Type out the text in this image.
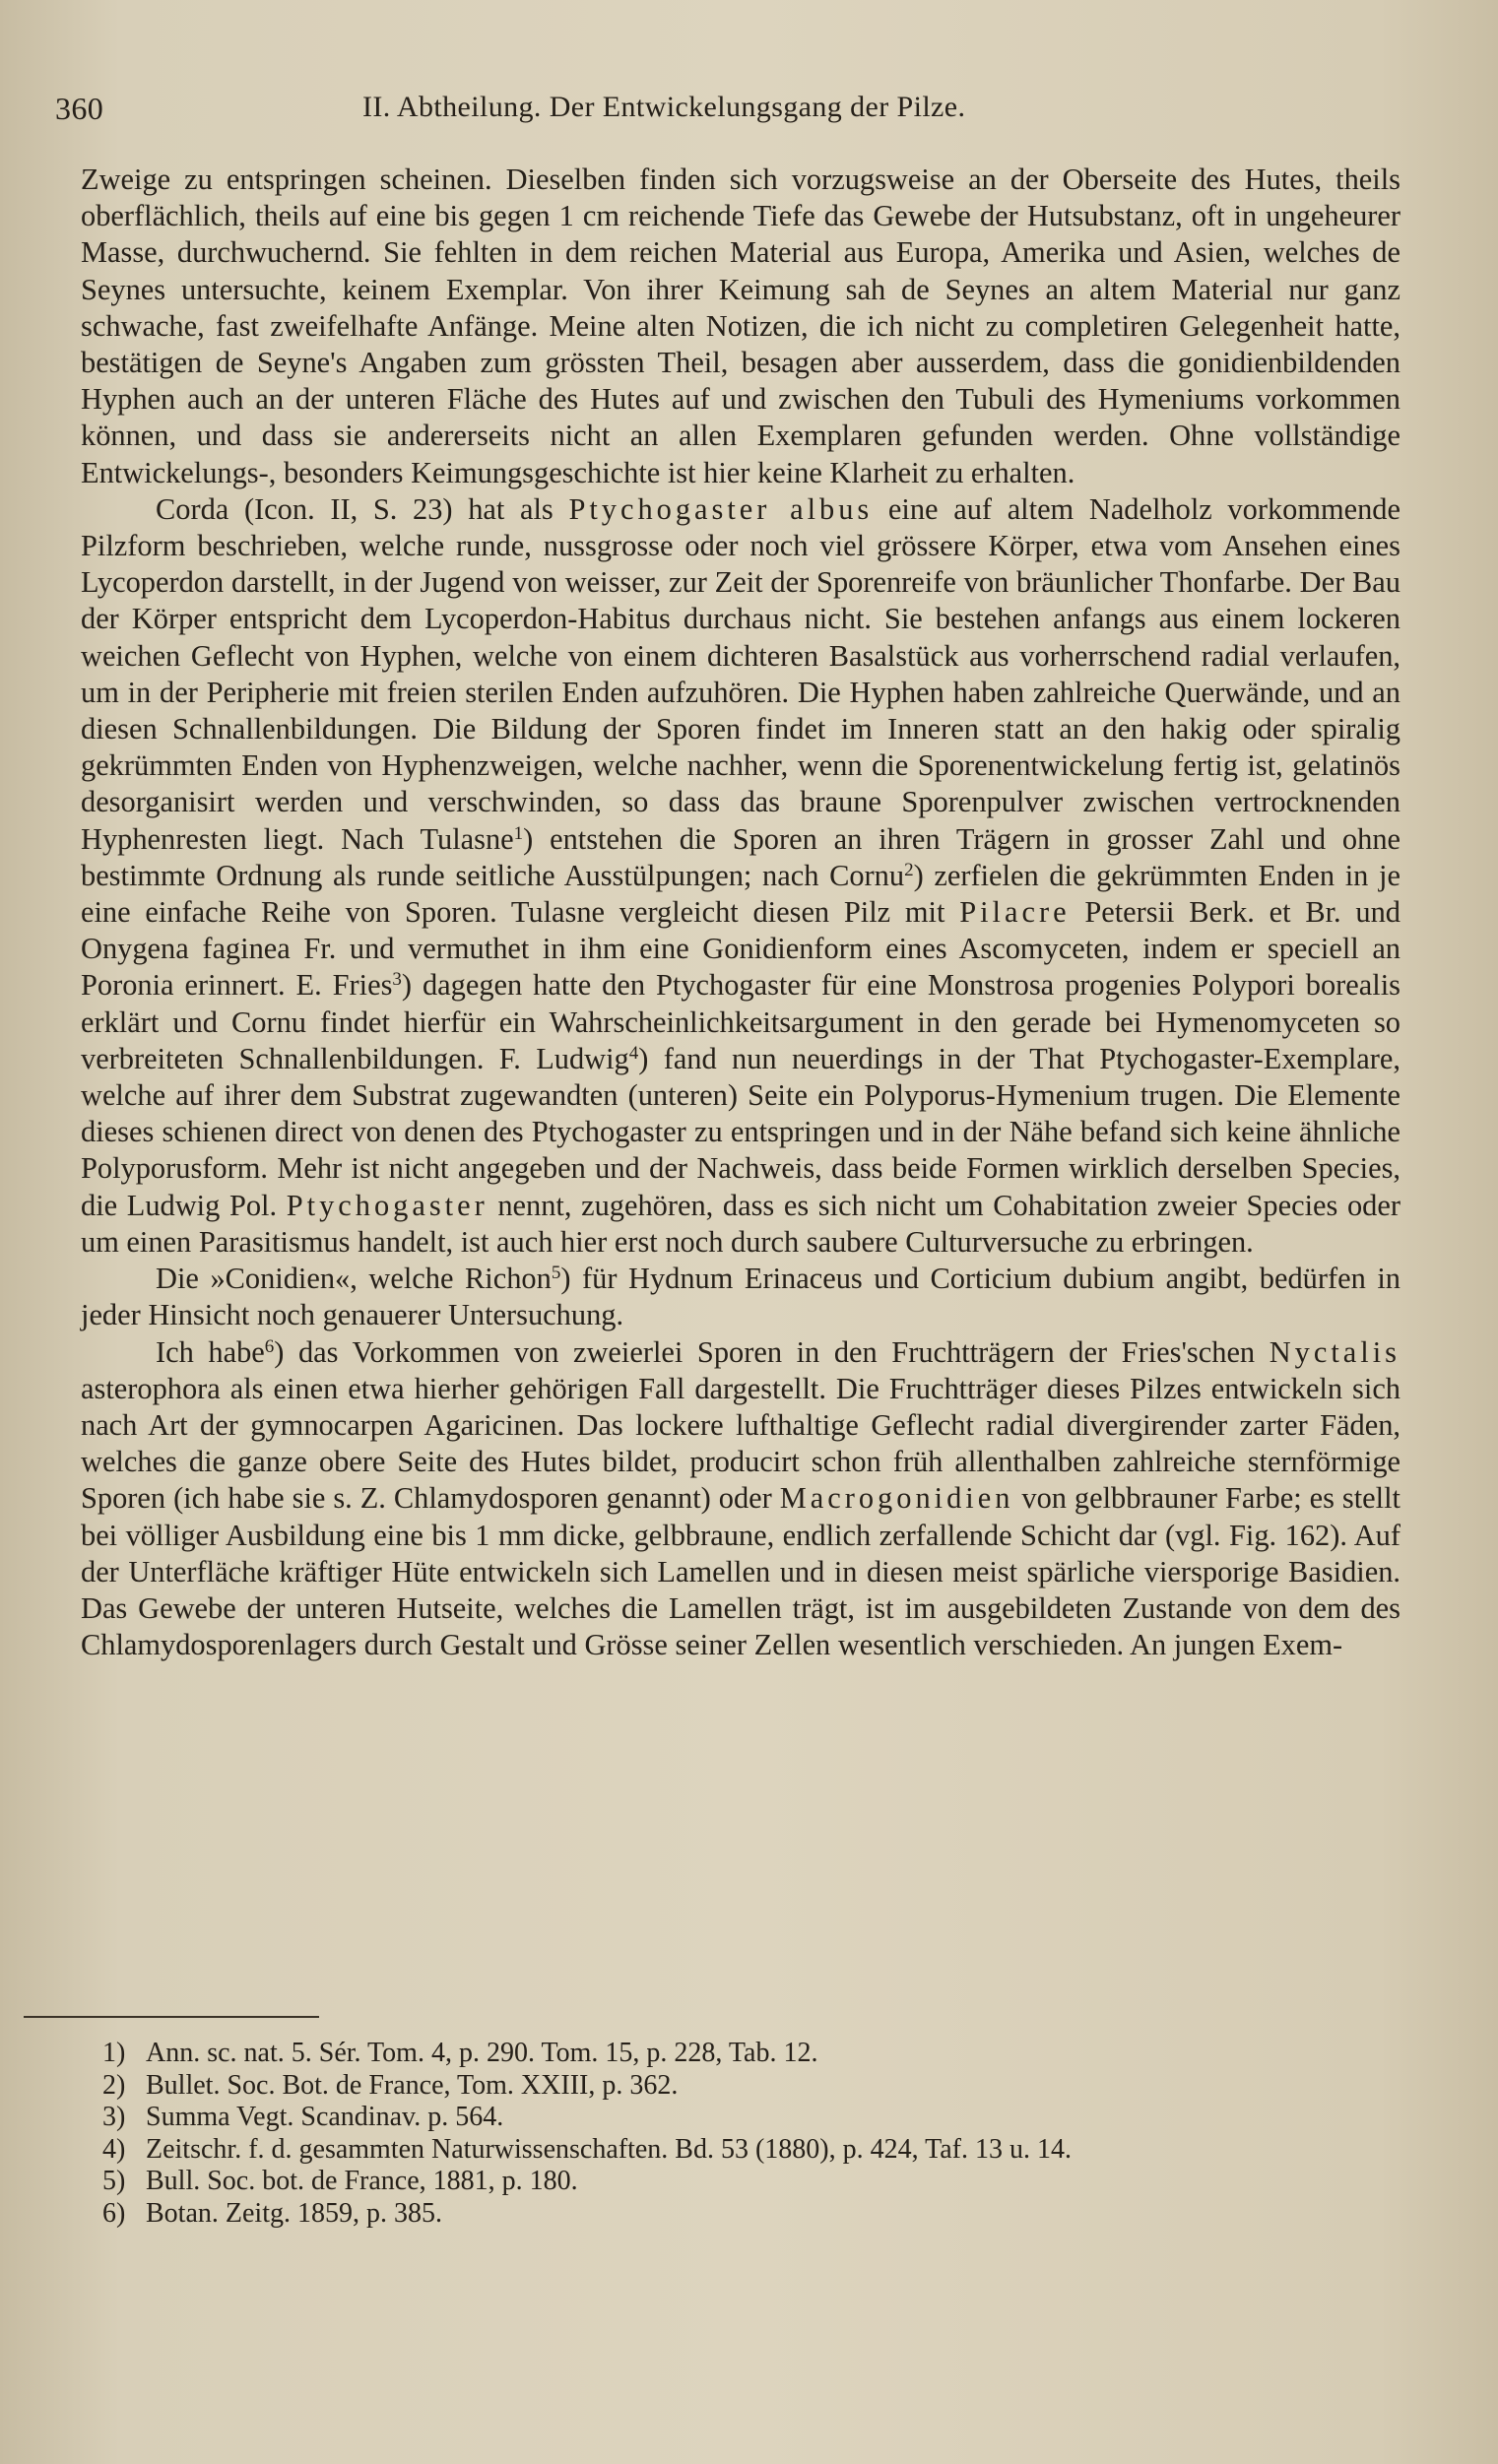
360	II. Abtheilung. Der Entwickelungsgang der Pilze.

Zweige zu entspringen scheinen. Dieselben finden sich vorzugsweise an der Oberseite des Hutes, theils oberflächlich, theils auf eine bis gegen 1 cm reichende Tiefe das Gewebe der Hutsubstanz, oft in ungeheurer Masse, durchwuchernd. Sie fehlten in dem reichen Material aus Europa, Amerika und Asien, welches de Seynes untersuchte, keinem Exemplar. Von ihrer Keimung sah de Seynes an altem Material nur ganz schwache, fast zweifelhafte Anfänge. Meine alten Notizen, die ich nicht zu completiren Gelegenheit hatte, bestätigen de Seyne's Angaben zum grössten Theil, besagen aber ausserdem, dass die gonidienbildenden Hyphen auch an der unteren Fläche des Hutes auf und zwischen den Tubuli des Hymeniums vorkommen können, und dass sie andererseits nicht an allen Exemplaren gefunden werden. Ohne vollständige Entwickelungs-, besonders Keimungsgeschichte ist hier keine Klarheit zu erhalten.

Corda (Icon. II, S. 23) hat als Ptychogaster albus eine auf altem Nadelholz vorkommende Pilzform beschrieben, welche runde, nussgrosse oder noch viel grössere Körper, etwa vom Ansehen eines Lycoperdon darstellt, in der Jugend von weisser, zur Zeit der Sporenreife von bräunlicher Thonfarbe. Der Bau der Körper entspricht dem Lycoperdon-Habitus durchaus nicht. Sie bestehen anfangs aus einem lockeren weichen Geflecht von Hyphen, welche von einem dichteren Basalstück aus vorherrschend radial verlaufen, um in der Peripherie mit freien sterilen Enden aufzuhören. Die Hyphen haben zahlreiche Querwände, und an diesen Schnallenbildungen. Die Bildung der Sporen findet im Inneren statt an den hakig oder spiralig gekrümmten Enden von Hyphenzweigen, welche nachher, wenn die Sporenentwickelung fertig ist, gelatinös desorganisirt werden und verschwinden, so dass das braune Sporenpulver zwischen vertrocknenden Hyphenresten liegt. Nach Tulasne$^1$) entstehen die Sporen an ihren Trägern in grosser Zahl und ohne bestimmte Ordnung als runde seitliche Ausstülpungen; nach Cornu$^2$) zerfielen die gekrümmten Enden in je eine einfache Reihe von Sporen. Tulasne vergleicht diesen Pilz mit Pilacre Petersii Berk. et Br. und Onygena faginea Fr. und vermuthet in ihm eine Gonidienform eines Ascomyceten, indem er speciell an Poronia erinnert. E. Fries$^3$) dagegen hatte den Ptychogaster für eine Monstrosa progenies Polypori borealis erklärt und Cornu findet hierfür ein Wahrscheinlichkeitsargument in den gerade bei Hymenomyceten so verbreiteten Schnallenbildungen. F. Ludwig$^4$) fand nun neuerdings in der That Ptychogaster-Exemplare, welche auf ihrer dem Substrat zugewandten (unteren) Seite ein Polyporus-Hymenium trugen. Die Elemente dieses schienen direct von denen des Ptychogaster zu entspringen und in der Nähe befand sich keine ähnliche Polyporusform. Mehr ist nicht angegeben und der Nachweis, dass beide Formen wirklich derselben Species, die Ludwig Pol. Ptychogaster nennt, zugehören, dass es sich nicht um Cohabitation zweier Species oder um einen Parasitismus handelt, ist auch hier erst noch durch saubere Culturversuche zu erbringen.

Die »Conidien«, welche Richon$^5$) für Hydnum Erinaceus und Corticium dubium angibt, bedürfen in jeder Hinsicht noch genauerer Untersuchung.

Ich habe$^6$) das Vorkommen von zweierlei Sporen in den Fruchtträgern der Fries'schen Nyctalis asterophora als einen etwa hierher gehörigen Fall dargestellt. Die Fruchtträger dieses Pilzes entwickeln sich nach Art der gymnocarpen Agaricinen. Das lockere lufthaltige Geflecht radial divergirender zarter Fäden, welches die ganze obere Seite des Hutes bildet, producirt schon früh allenthalben zahlreiche sternförmige Sporen (ich habe sie s. Z. Chlamydosporen genannt) oder Macrogonidien von gelbbrauner Farbe; es stellt bei völliger Ausbildung eine bis 1 mm dicke, gelbbraune, endlich zerfallende Schicht dar (vgl. Fig. 162). Auf der Unterfläche kräftiger Hüte entwickeln sich Lamellen und in diesen meist spärliche viersporige Basidien. Das Gewebe der unteren Hutseite, welches die Lamellen trägt, ist im ausgebildeten Zustande von dem des Chlamydosporenlagers durch Gestalt und Grösse seiner Zellen wesentlich verschieden. An jungen Exem-

1) Ann. sc. nat. 5. Sér. Tom. 4, p. 290. Tom. 15, p. 228, Tab. 12.
2) Bullet. Soc. Bot. de France, Tom. XXIII, p. 362.
3) Summa Vegt. Scandinav. p. 564.
4) Zeitschr. f. d. gesammten Naturwissenschaften. Bd. 53 (1880), p. 424, Taf. 13 u. 14.
5) Bull. Soc. bot. de France, 1881, p. 180.
6) Botan. Zeitg. 1859, p. 385.
